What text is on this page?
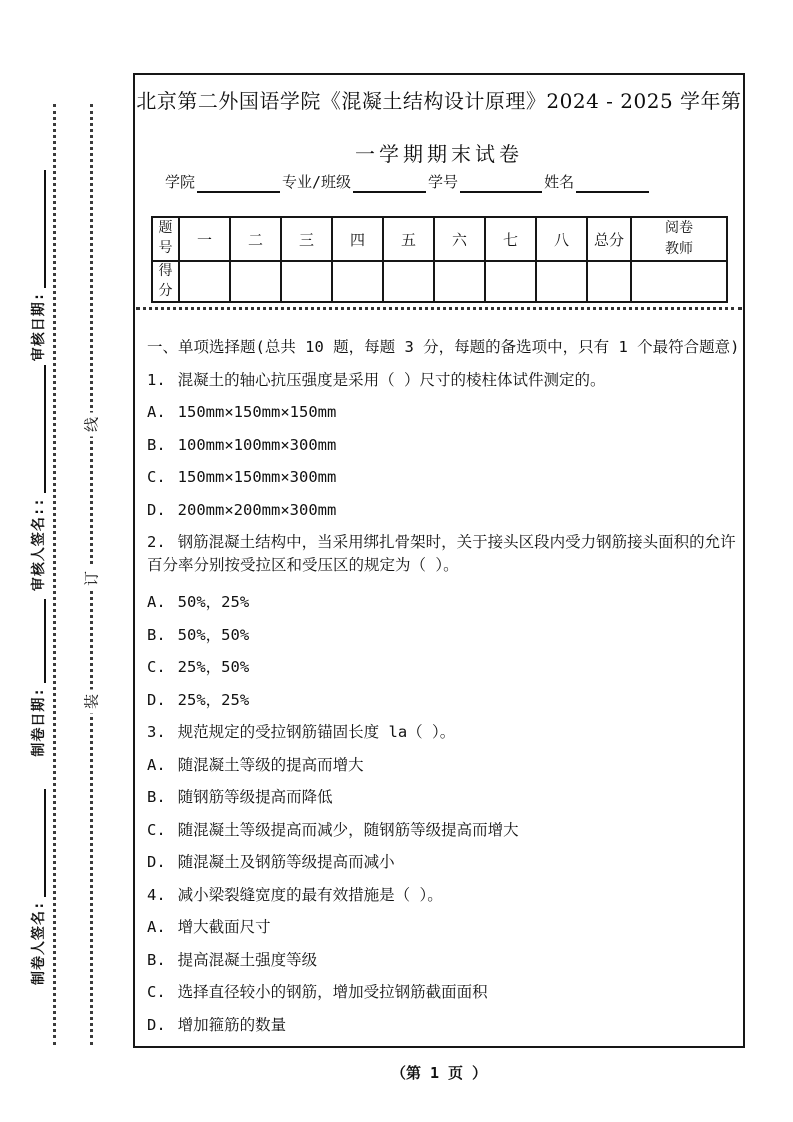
制卷人签名:
制卷日期:
审核人签名::
审核日期:
装
订
线
北京第二外国语学院《混凝土结构设计原理》2024 - 2025 学年第
一学期期末试卷
学院	专业/班级	学号	姓名
题号	一	二	三	四	五	六	七	八	总分	阅卷教师
得分										
一、单项选择题(总共 10 题，每题 3 分，每题的备选项中，只有 1 个最符合题意)
1. 混凝土的轴心抗压强度是采用（ ）尺寸的棱柱体试件测定的。
A. 150mm×150mm×150mm
B. 100mm×100mm×300mm
C. 150mm×150mm×300mm
D. 200mm×200mm×300mm
2. 钢筋混凝土结构中，当采用绑扎骨架时，关于接头区段内受力钢筋接头面积的允许百分率分别按受拉区和受压区的规定为（ ）。
A. 50%，25%
B. 50%，50%
C. 25%，50%
D. 25%，25%
3. 规范规定的受拉钢筋锚固长度 la（ ）。
A. 随混凝土等级的提高而增大
B. 随钢筋等级提高而降低
C. 随混凝土等级提高而减少，随钢筋等级提高而增大
D. 随混凝土及钢筋等级提高而减小
4. 减小梁裂缝宽度的最有效措施是（ ）。
A. 增大截面尺寸
B. 提高混凝土强度等级
C. 选择直径较小的钢筋，增加受拉钢筋截面面积
D. 增加箍筋的数量
（第 1 页 ）
